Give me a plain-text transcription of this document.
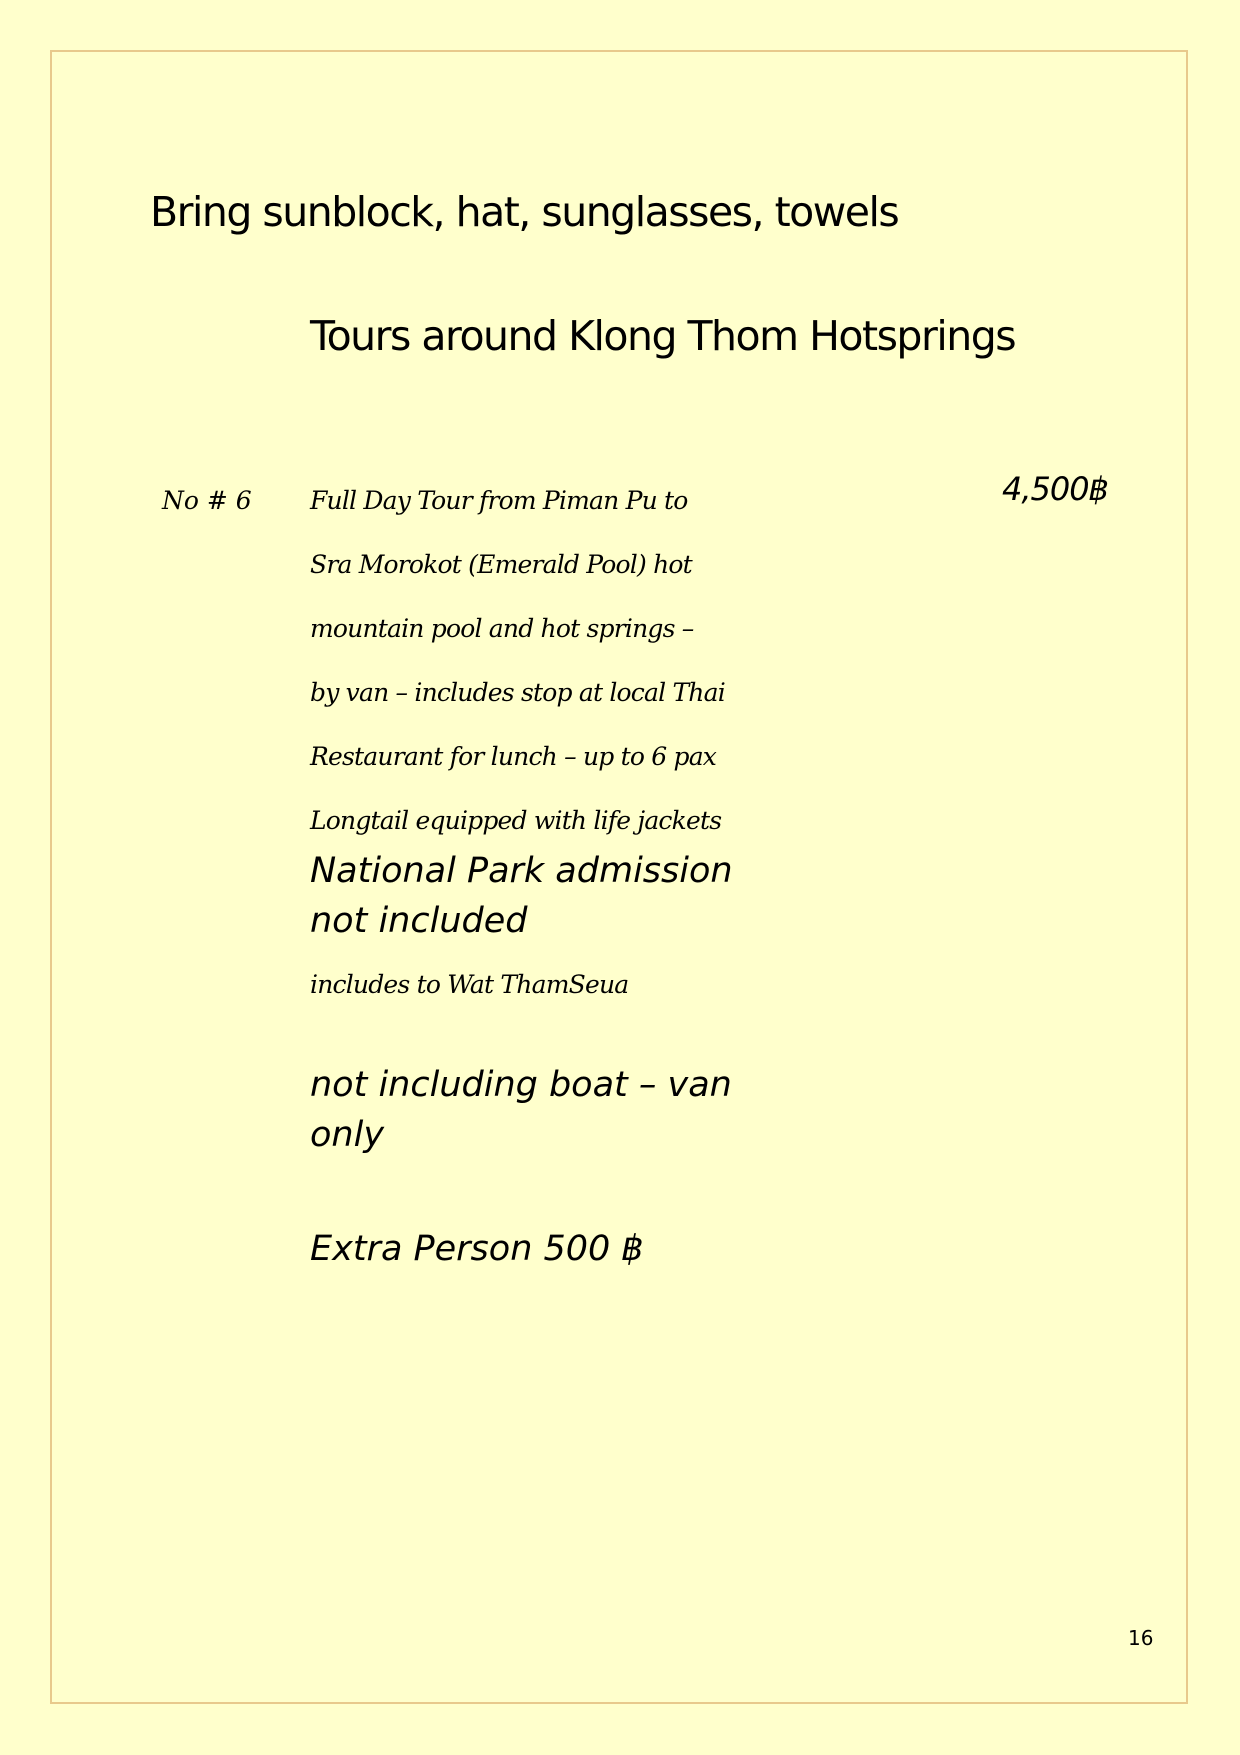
Bring sunblock, hat, sunglasses, towels
Tours around Klong Thom Hotsprings
No # 6	4,500฿
Full Day Tour from Piman Pu to
Sra Morokot (Emerald Pool) hot
mountain pool and hot springs –
by van – includes stop at local Thai
Restaurant for lunch – up to 6 pax
Longtail equipped with life jackets
National Park admission not included
includes to Wat ThamSeua
not including boat – van only
Extra Person 500 ฿
16
